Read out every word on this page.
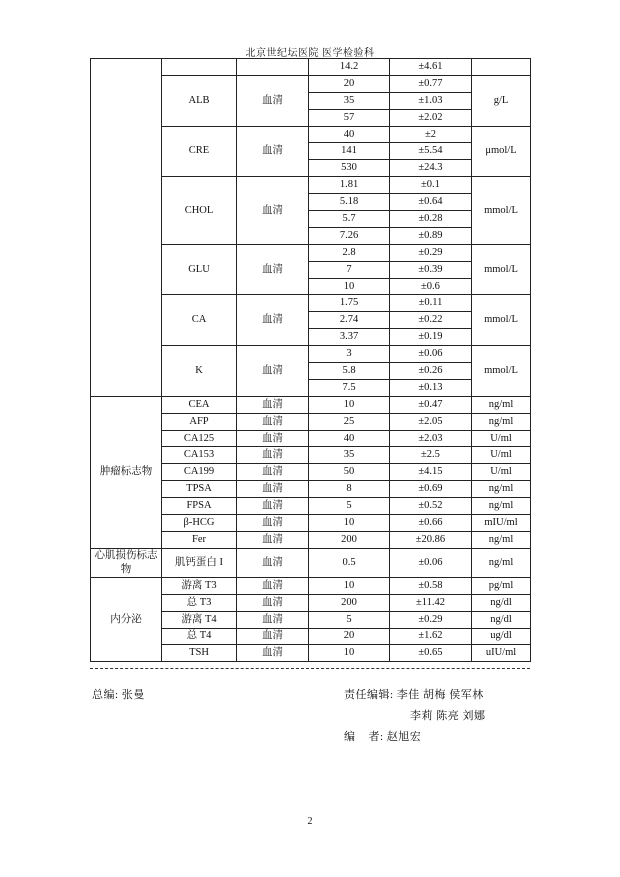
北京世纪坛医院 医学检验科
			14.2	±4.61	
	ALB	血清	20	±0.77	g/L
			35	±1.03	
			57	±2.02	
	CRE	血清	40	±2	μmol/L
			141	±5.54	
			530	±24.3	
	CHOL	血清	1.81	±0.1	mmol/L
			5.18	±0.64	
			5.7	±0.28	
			7.26	±0.89	
	GLU	血清	2.8	±0.29	mmol/L
			7	±0.39	
			10	±0.6	
	CA	血清	1.75	±0.11	mmol/L
			2.74	±0.22	
			3.37	±0.19	
	K	血清	3	±0.06	mmol/L
			5.8	±0.26	
			7.5	±0.13	
肿瘤标志物	CEA	血清	10	±0.47	ng/ml
	AFP	血清	25	±2.05	ng/ml
	CA125	血清	40	±2.03	U/ml
	CA153	血清	35	±2.5	U/ml
	CA199	血清	50	±4.15	U/ml
	TPSA	血清	8	±0.69	ng/ml
	FPSA	血清	5	±0.52	ng/ml
	β-HCG	血清	10	±0.66	mIU/ml
	Fer	血清	200	±20.86	ng/ml
心肌损伤标志物	肌钙蛋白 I	血清	0.5	±0.06	ng/ml
内分泌	游离 T3	血清	10	±0.58	pg/ml
	总 T3	血清	200	±11.42	ng/dl
	游离 T4	血清	5	±0.29	ng/dl
	总 T4	血清	20	±1.62	ug/dl
	TSH	血清	10	±0.65	uIU/ml
总编: 张曼	责任编辑: 李佳 胡梅 侯军林
李莉 陈亮 刘娜
编    者: 赵旭宏
2
